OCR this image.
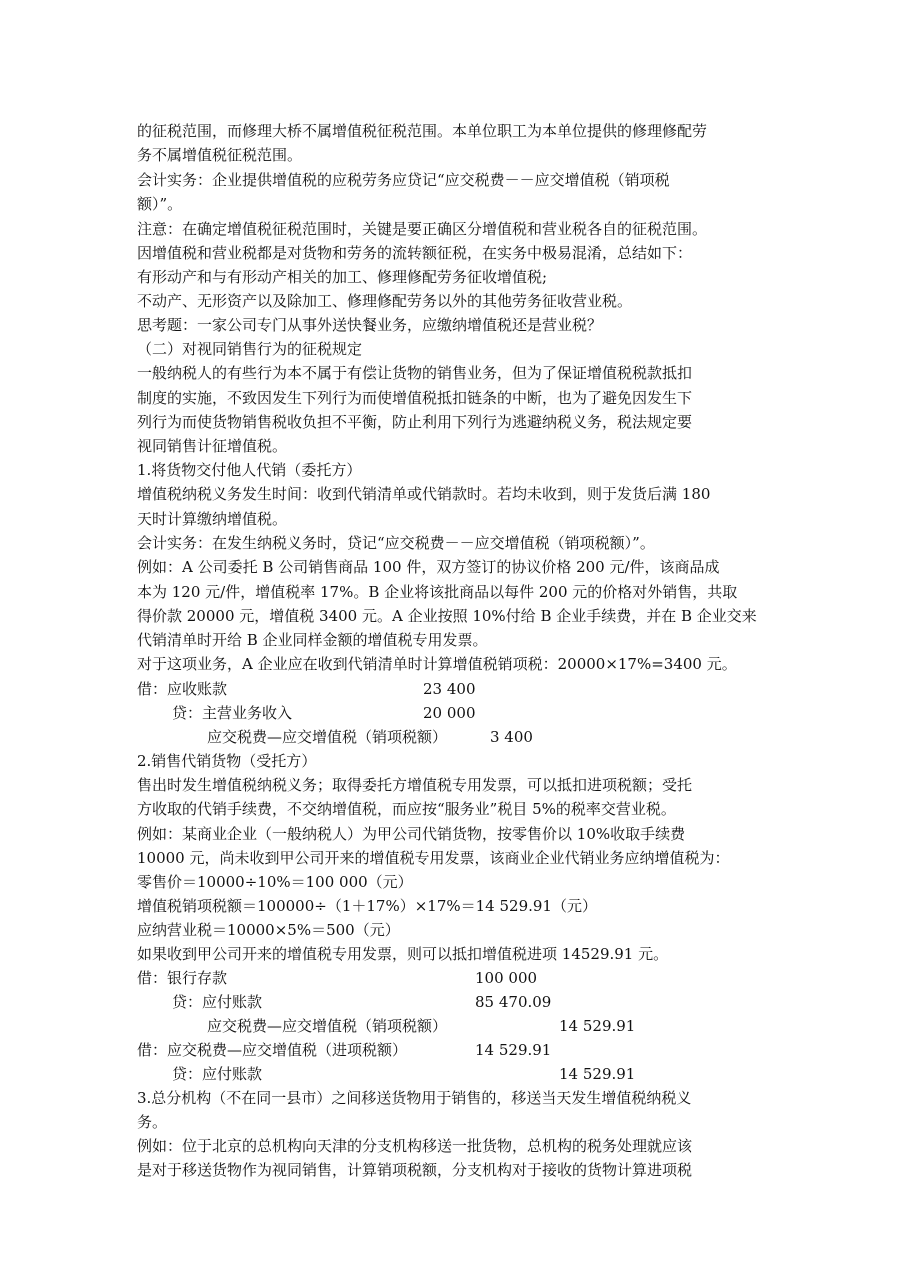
的征税范围，而修理大桥不属增值税征税范围。本单位职工为本单位提供的修理修配劳
务不属增值税征税范围。
会计实务：企业提供增值税的应税劳务应贷记“应交税费－－应交增值税（销项税
额）”。
注意：在确定增值税征税范围时，关键是要正确区分增值税和营业税各自的征税范围。
因增值税和营业税都是对货物和劳务的流转额征税，在实务中极易混淆，总结如下：
有形动产和与有形动产相关的加工、修理修配劳务征收增值税;
不动产、无形资产以及除加工、修理修配劳务以外的其他劳务征收营业税。
思考题：一家公司专门从事外送快餐业务，应缴纳增值税还是营业税？
（二）对视同销售行为的征税规定
一般纳税人的有些行为本不属于有偿让货物的销售业务，但为了保证增值税税款抵扣
制度的实施，不致因发生下列行为而使增值税抵扣链条的中断，也为了避免因发生下
列行为而使货物销售税收负担不平衡，防止利用下列行为逃避纳税义务，税法规定要
视同销售计征增值税。
1.将货物交付他人代销（委托方）
增值税纳税义务发生时间：收到代销清单或代销款时。若均未收到，则于发货后满 180
天时计算缴纳增值税。
会计实务：在发生纳税义务时，贷记“应交税费－－应交增值税（销项税额）”。
例如：A 公司委托 B 公司销售商品 100 件，双方签订的协议价格 200 元/件，该商品成
本为 120 元/件，增值税率 17%。B 企业将该批商品以每件 200 元的价格对外销售，共取
得价款 20000 元，增值税 3400 元。A 企业按照 10%付给 B 企业手续费，并在 B 企业交来
代销清单时开给 B 企业同样金额的增值税专用发票。
对于这项业务，A 企业应在收到代销清单时计算增值税销项税：20000×17%=3400 元。
借：应收账款	23 400
贷：主营业务收入	20 000
应交税费—应交增值税（销项税额）	3 400
2.销售代销货物（受托方）
售出时发生增值税纳税义务；取得委托方增值税专用发票，可以抵扣进项税额；受托
方收取的代销手续费，不交纳增值税，而应按“服务业”税目 5%的税率交营业税。
例如：某商业企业（一般纳税人）为甲公司代销货物，按零售价以 10%收取手续费
10000 元，尚未收到甲公司开来的增值税专用发票，该商业企业代销业务应纳增值税为：
零售价＝10000÷10%＝100 000（元）
增值税销项税额＝100000÷（1＋17%）×17%＝14 529.91（元）
应纳营业税＝10000×5%＝500（元）
如果收到甲公司开来的增值税专用发票，则可以抵扣增值税进项 14529.91 元。
借：银行存款	100 000
贷：应付账款	85 470.09
应交税费—应交增值税（销项税额）	14 529.91
借：应交税费—应交增值税（进项税额）	14 529.91
贷：应付账款	14 529.91
3.总分机构（不在同一县市）之间移送货物用于销售的，移送当天发生增值税纳税义
务。
例如：位于北京的总机构向天津的分支机构移送一批货物，总机构的税务处理就应该
是对于移送货物作为视同销售，计算销项税额，分支机构对于接收的货物计算进项税
